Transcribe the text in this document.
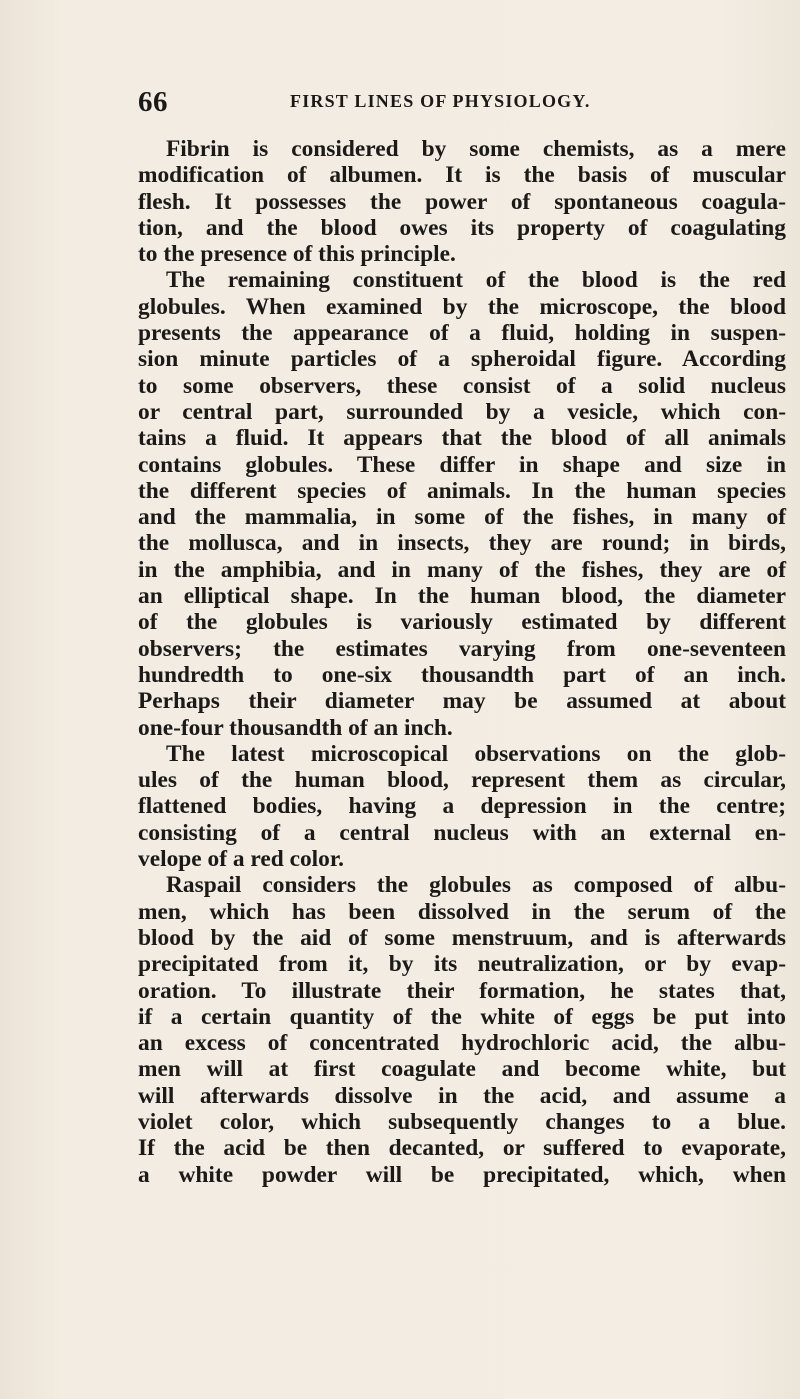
66	FIRST LINES OF PHYSIOLOGY.
Fibrin is considered by some chemists, as a mere
modification of albumen. It is the basis of muscular
flesh. It possesses the power of spontaneous coagula-
tion, and the blood owes its property of coagulating
to the presence of this principle.
The remaining constituent of the blood is the red
globules. When examined by the microscope, the blood
presents the appearance of a fluid, holding in suspen-
sion minute particles of a spheroidal figure. According
to some observers, these consist of a solid nucleus
or central part, surrounded by a vesicle, which con-
tains a fluid. It appears that the blood of all animals
contains globules. These differ in shape and size in
the different species of animals. In the human species
and the mammalia, in some of the fishes, in many of
the mollusca, and in insects, they are round; in birds,
in the amphibia, and in many of the fishes, they are of
an elliptical shape. In the human blood, the diameter
of the globules is variously estimated by different
observers; the estimates varying from one-seventeen
hundredth to one-six thousandth part of an inch.
Perhaps their diameter may be assumed at about
one-four thousandth of an inch.
The latest microscopical observations on the glob-
ules of the human blood, represent them as circular,
flattened bodies, having a depression in the centre;
consisting of a central nucleus with an external en-
velope of a red color.
Raspail considers the globules as composed of albu-
men, which has been dissolved in the serum of the
blood by the aid of some menstruum, and is afterwards
precipitated from it, by its neutralization, or by evap-
oration. To illustrate their formation, he states that,
if a certain quantity of the white of eggs be put into
an excess of concentrated hydrochloric acid, the albu-
men will at first coagulate and become white, but
will afterwards dissolve in the acid, and assume a
violet color, which subsequently changes to a blue.
If the acid be then decanted, or suffered to evaporate,
a white powder will be precipitated, which, when
